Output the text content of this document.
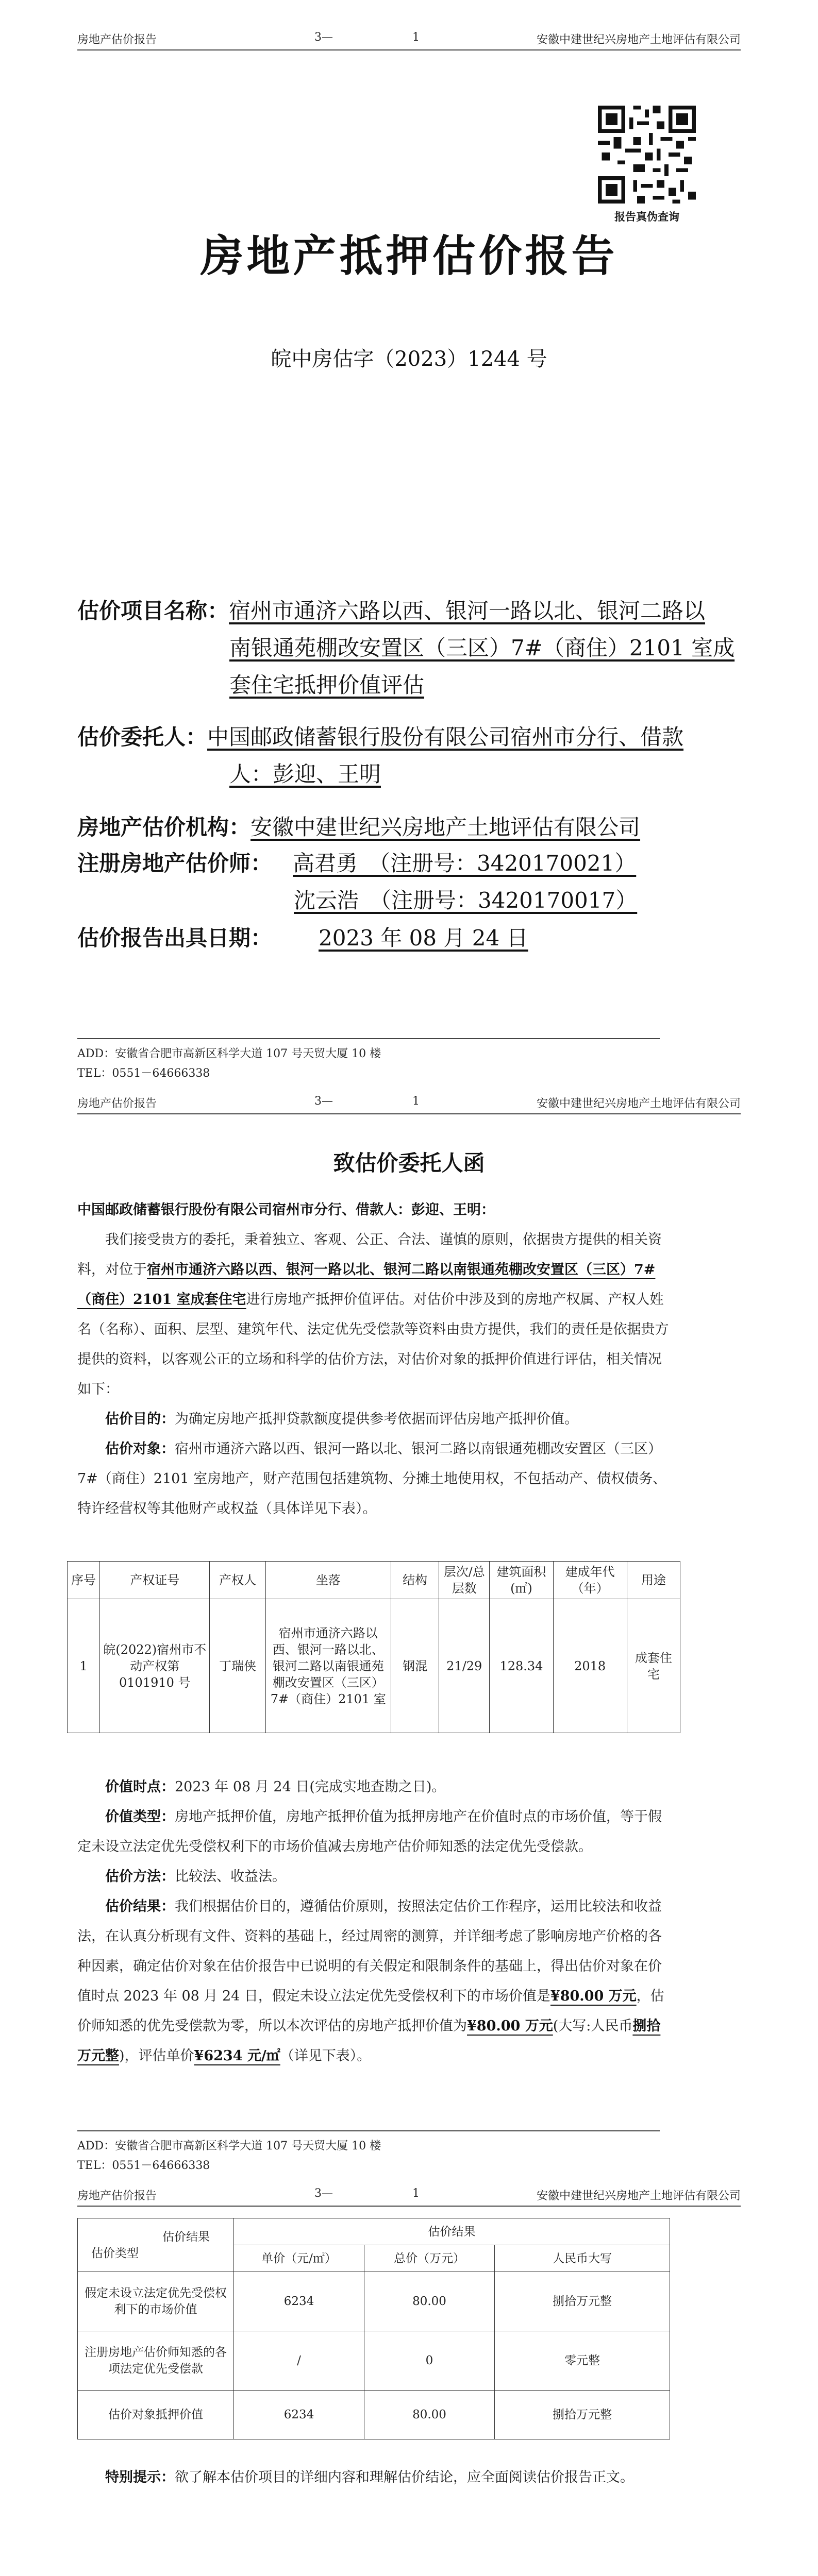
房地产估价报告	3—	1	安徽中建世纪兴房地产土地评估有限公司
报告真伪查询
房地产抵押估价报告
皖中房估字（2023）1244 号
估价项目名称：宿州市通济六路以西、银河一路以北、银河二路以
南银通苑棚改安置区（三区）7#（商住）2101 室成
套住宅抵押价值评估
估价委托人：中国邮政储蓄银行股份有限公司宿州市分行、借款
人：彭迎、王明
房地产估价机构：安徽中建世纪兴房地产土地评估有限公司
注册房地产估价师： 高君勇　（注册号：3420170021）
沈云浩　（注册号：3420170017）
估价报告出具日期： 2023 年 08 月 24 日
ADD：安徽省合肥市高新区科学大道 107 号天贸大厦 10 楼
TEL：0551－64666338
房地产估价报告	3—	1	安徽中建世纪兴房地产土地评估有限公司
致估价委托人函
中国邮政储蓄银行股份有限公司宿州市分行、借款人：彭迎、王明：
我们接受贵方的委托，秉着独立、客观、公正、合法、谨慎的原则，依据贵方提供的相关资料，对位于宿州市通济六路以西、银河一路以北、银河二路以南银通苑棚改安置区（三区）7#（商住）2101 室成套住宅进行房地产抵押价值评估。对估价中涉及到的房地产权属、产权人姓名（名称）、面积、层型、建筑年代、法定优先受偿款等资料由贵方提供，我们的责任是依据贵方提供的资料，以客观公正的立场和科学的估价方法，对估价对象的抵押价值进行评估，相关情况如下：
估价目的：为确定房地产抵押贷款额度提供参考依据而评估房地产抵押价值。
估价对象：宿州市通济六路以西、银河一路以北、银河二路以南银通苑棚改安置区（三区）7#（商住）2101 室房地产，财产范围包括建筑物、分摊土地使用权，不包括动产、债权债务、特许经营权等其他财产或权益（具体详见下表）。
序号	产权证号	产权人	坐落	结构	层次/总层数	建筑面积(㎡)	建成年代（年）	用途
1	皖(2022)宿州市不动产权第0101910 号	丁瑞侠	宿州市通济六路以西、银河一路以北、银河二路以南银通苑棚改安置区（三区）7#（商住）2101 室	钢混	21/29	128.34	2018	成套住宅
价值时点：2023 年 08 月 24 日(完成实地查勘之日)。
价值类型：房地产抵押价值，房地产抵押价值为抵押房地产在价值时点的市场价值，等于假定未设立法定优先受偿权利下的市场价值减去房地产估价师知悉的法定优先受偿款。
估价方法：比较法、收益法。
估价结果：我们根据估价目的，遵循估价原则，按照法定估价工作程序，运用比较法和收益法，在认真分析现有文件、资料的基础上，经过周密的测算，并详细考虑了影响房地产价格的各种因素，确定估价对象在估价报告中已说明的有关假定和限制条件的基础上，得出估价对象在价值时点 2023 年 08 月 24 日，假定未设立法定优先受偿权利下的市场价值是¥80.00 万元，估价师知悉的优先受偿款为零，所以本次评估的房地产抵押价值为¥80.00 万元(大写:人民币捌拾万元整)，评估单价¥6234 元/㎡（详见下表）。
ADD：安徽省合肥市高新区科学大道 107 号天贸大厦 10 楼
TEL：0551－64666338
房地产估价报告	3—	1	安徽中建世纪兴房地产土地评估有限公司
估价结果
估价类型	估价结果		
	单价（元/㎡）	总价（万元）	人民币大写
假定未设立法定优先受偿权利下的市场价值	6234	80.00	捌拾万元整
注册房地产估价师知悉的各项法定优先受偿款	/	0	零元整
估价对象抵押价值	6234	80.00	捌拾万元整
特别提示：欲了解本估价项目的详细内容和理解估价结论，应全面阅读估价报告正文。
